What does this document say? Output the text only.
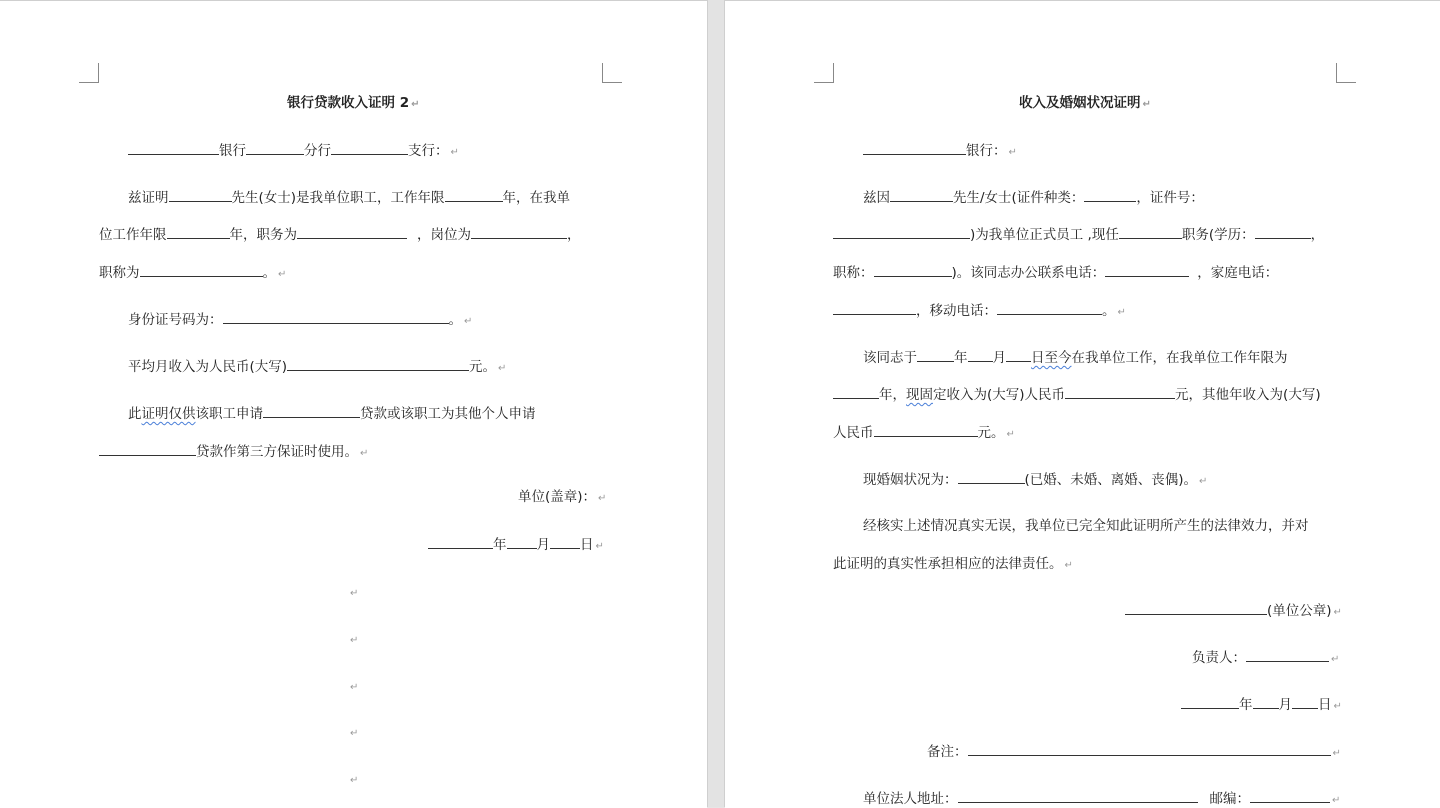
银行贷款收入证明 2 ↵
银行	分行	支行： ↵
兹证明	先生(女士)是我单位职工，工作年限	年，在我单
位工作年限	年，职务为	，岗位为	，
职称为	。 ↵
身份证号码为：	。 ↵
平均月收入为人民币(大写)	元。 ↵
此证明仅供该职工申请	贷款或该职工为其他个人申请
贷款作第三方保证时使用。 ↵
单位(盖章)： ↵
年 月 日 ↵
↵
↵
↵
↵
↵
收入及婚姻状况证明 ↵
银行： ↵
兹因	先生/女士(证件种类：	，证件号：
)为我单位正式员工 ,现任	职务(学历：	，
职称：	)。该同志办公联系电话：	，家庭电话：
，移动电话：	。 ↵
该同志于	年 月 日至今在我单位工作，在我单位工作年限为
年，现固定收入为(大写)人民币	元，其他年收入为(大写)
人民币	元。 ↵
现婚姻状况为：	(已婚、未婚、离婚、丧偶)。 ↵
经核实上述情况真实无误，我单位已完全知此证明所产生的法律效力，并对
此证明的真实性承担相应的法律责任。 ↵
(单位公章) ↵
负责人：	↵
年 月 日 ↵
备注：	↵
单位法人地址：	邮编：	↵
